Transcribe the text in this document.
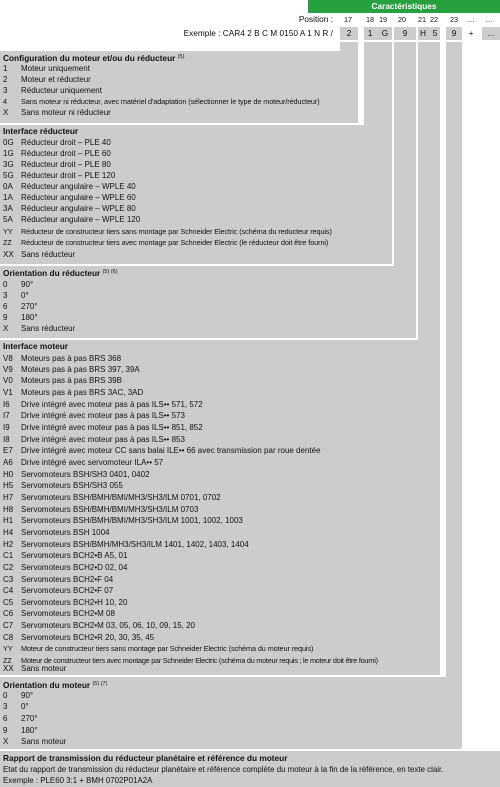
Caractéristiques
Position :
Exemple : CAR4 2 B C M 0150 A 1 N R /
17	18 19	20	21 22	23	…	…
2	1	G	9	H 5	9	+	…
Configuration du moteur et/ou du réducteur $^{(5)}$
1 Moteur uniquement
2 Moteur et réducteur
3 Réducteur uniquement
4 Sans moteur ni réducteur, avec matériel d'adaptation (sélectionner le type de moteur/réducteur)
X Sans moteur ni réducteur
Interface réducteur
0G Réducteur droit – PLE 40
1G Réducteur droit – PLE 60
3G Réducteur droit – PLE 80
5G Réducteur droit – PLE 120
0A Réducteur angulaire – WPLE 40
1A Réducteur angulaire – WPLE 60
3A Réducteur angulaire – WPLE 80
5A Réducteur angulaire – WPLE 120
YY Réducteur de constructeur tiers sans montage par Schneider Electric (schéma du reducteur requis)
ZZ Réducteur de constructeur tiers avec montage par Schneider Electric (le réducteur doit être fourni)
XX Sans réducteur
Orientation du réducteur $^{(5) (6)}$
0 90°
3 0°
6 270°
9 180°
X Sans réducteur
Interface moteur
V8 Moteurs pas à pas BRS 368
V9 Moteurs pas à pas BRS 397, 39A
V0 Moteurs pas à pas BRS 39B
V1 Moteurs pas à pas BRS 3AC, 3AD
I6 Drive intégré avec moteur pas à pas ILS•• 571, 572
I7 Drive intégré avec moteur pas à pas ILS•• 573
I9 Drive intégré avec moteur pas à pas ILS•• 851, 852
I8 Drive intégré avec moteur pas à pas ILS•• 853
E7 Drive intégré avec moteur CC sans balai ILE•• 66 avec transmission par roue dentée
A6 Drive intégré avec servomoteur ILA•• 57
H0 Servomoteurs BSH/SH3 0401, 0402
H5 Servomoteurs BSH/SH3 055
H7 Servomoteurs BSH/BMH/BMI/MH3/SH3/ILM 0701, 0702
H8 Servomoteurs BSH/BMH/BMI/MH3/SH3/ILM 0703
H1 Servomoteurs BSH/BMH/BMI/MH3/SH3/ILM 1001, 1002, 1003
H4 Servomoteurs BSH 1004
H2 Servomoteurs BSH/BMH/MH3/SH3/ILM 1401, 1402, 1403, 1404
C1 Servomoteurs BCH2•B A5, 01
C2 Servomoteurs BCH2•D 02, 04
C3 Servomoteurs BCH2•F 04
C4 Servomoteurs BCH2•F 07
C5 Servomoteurs BCH2•H 10, 20
C6 Servomoteurs BCH2•M 08
C7 Servomoteurs BCH2•M 03, 05, 06, 10, 09, 15, 20
C8 Servomoteurs BCH2•R 20, 30, 35, 45
YY Moteur de constructeur tiers sans montage par Schneider Electric (schéma du moteur requis)
ZZ Moteur de constructeur tiers avec montage par Schneider Electric (schéma du moteur requis ; le moteur doit être fourni)
XX Sans moteur
Orientation du moteur $^{(5) (7)}$
0 90°
3 0°
6 270°
9 180°
X Sans moteur
Rapport de transmission du réducteur planétaire et référence du moteur
Etat du rapport de transmission du réducteur planétaire et référence complète du moteur à la fin de la référence, en texte clair.
Exemple : PLE60 3:1 + BMH 0702P01A2A
